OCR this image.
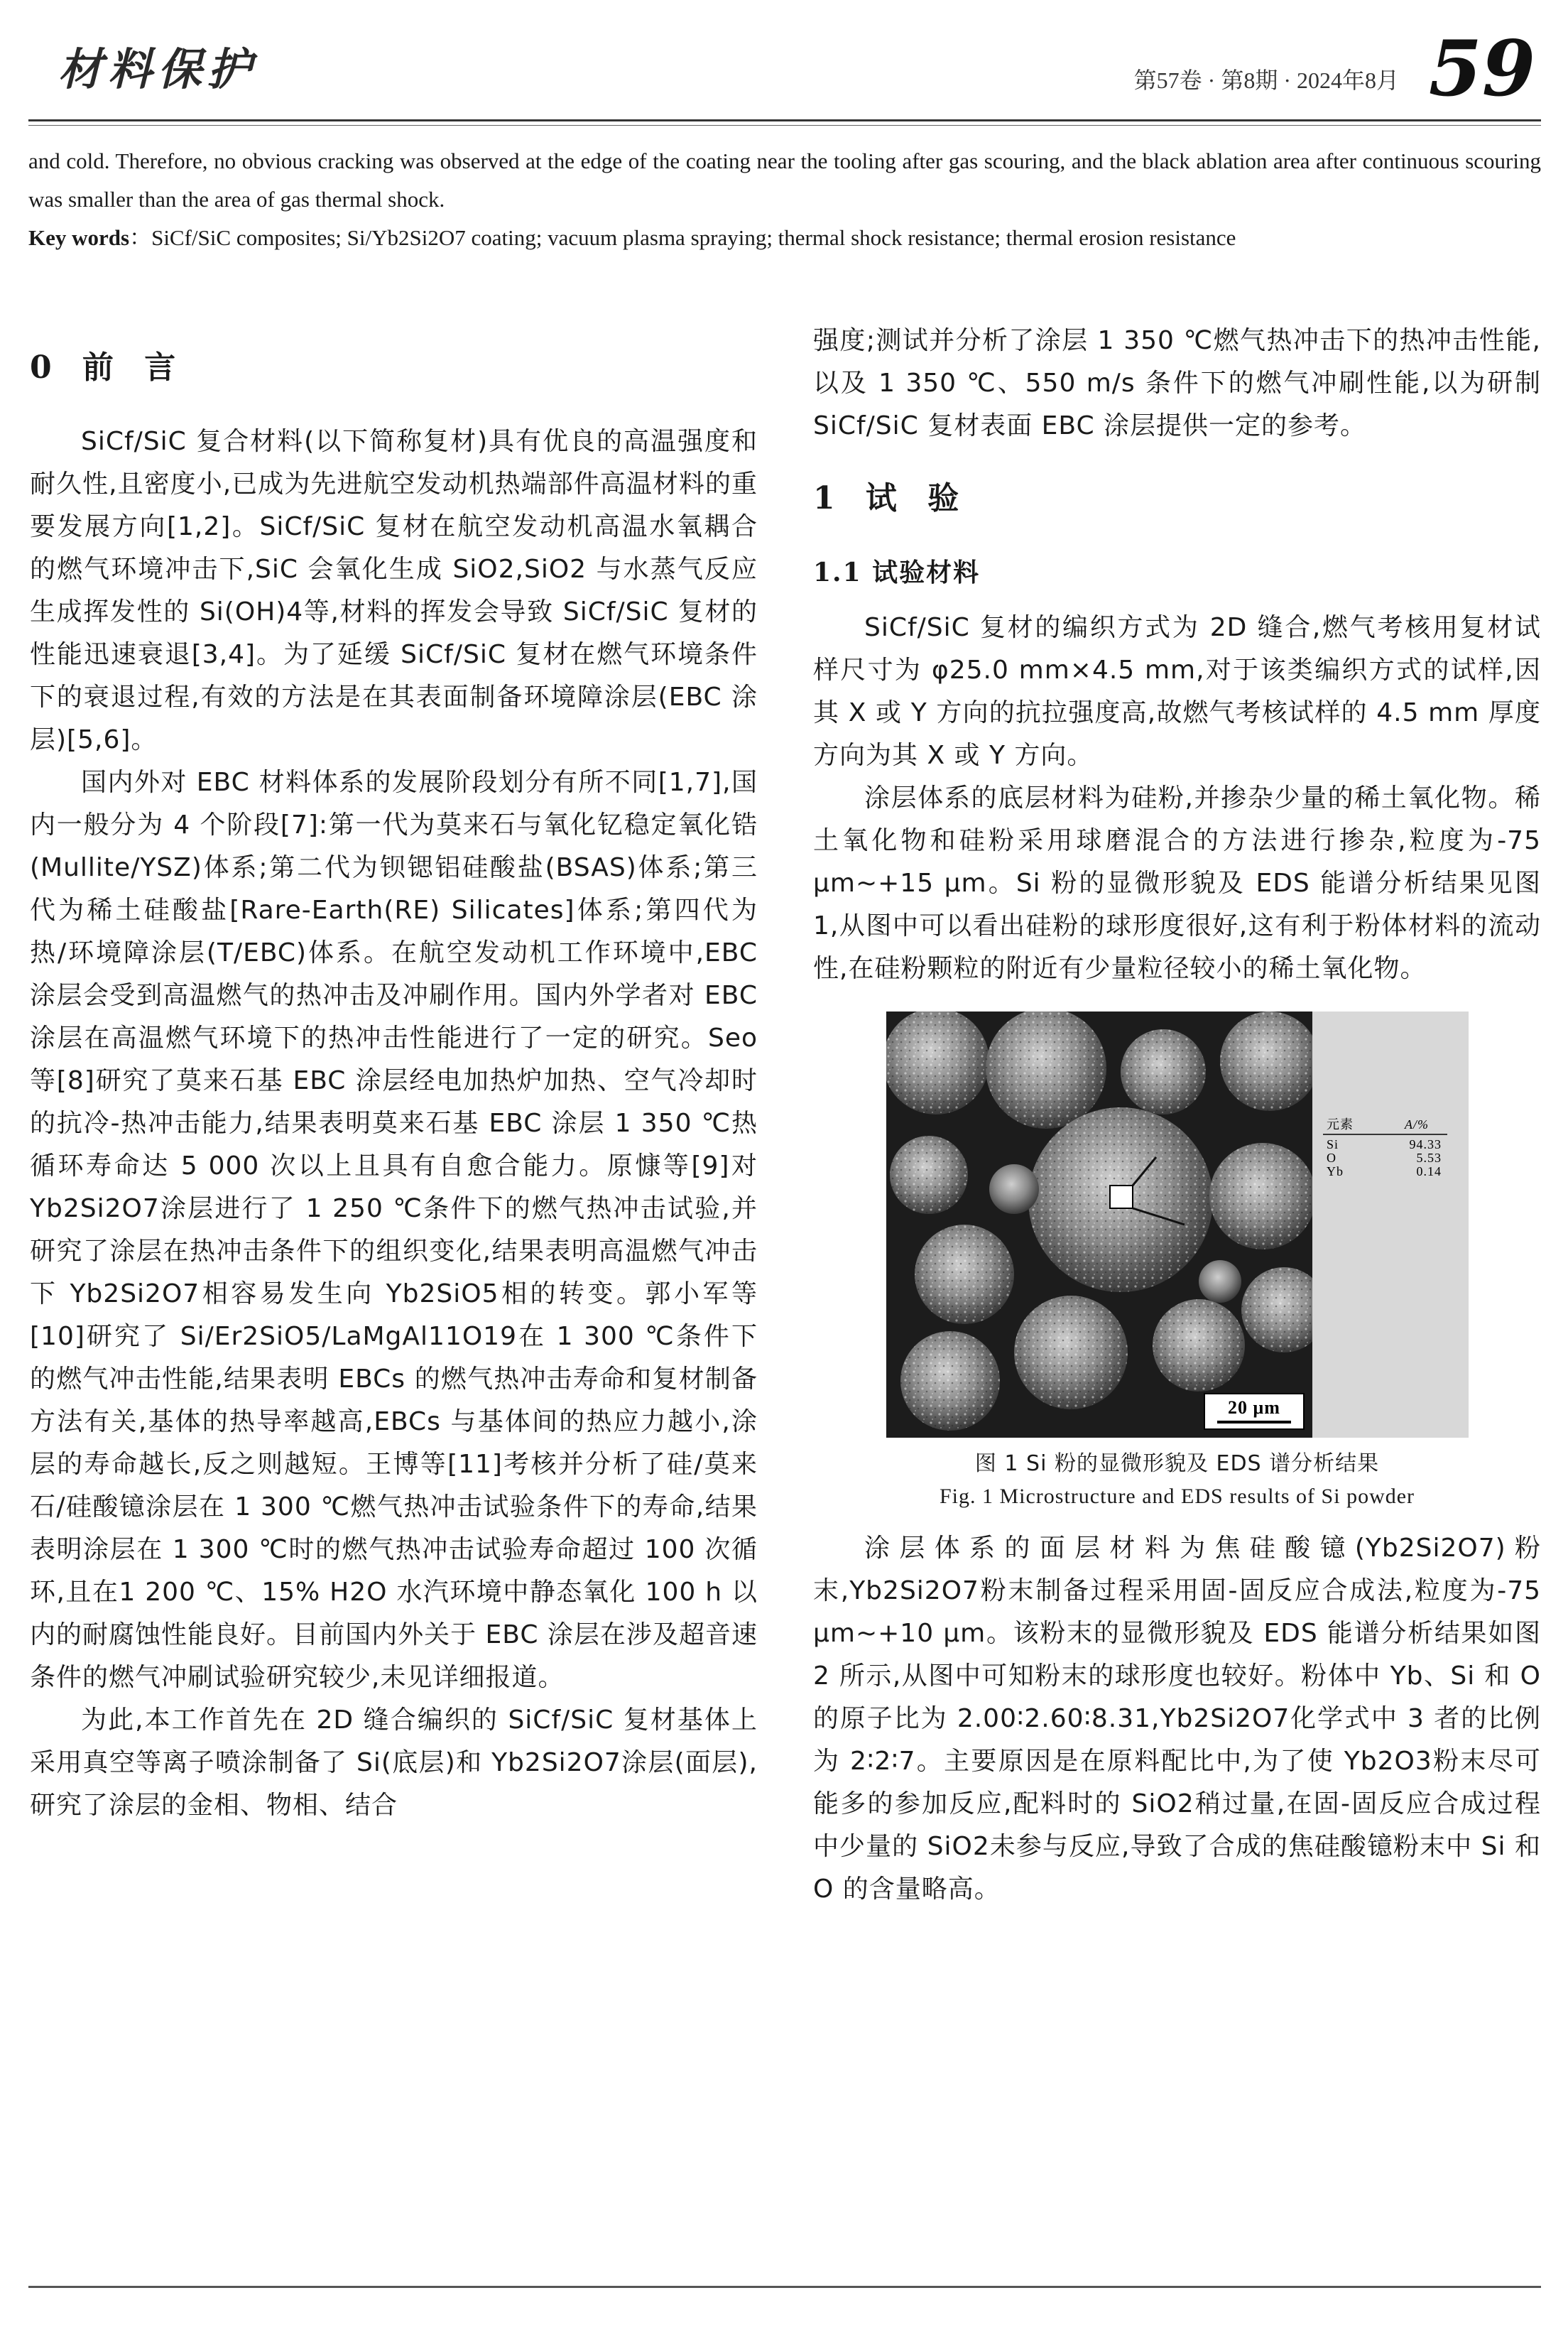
材料保护	第57卷 · 第8期 · 2024年8月 59

and cold. Therefore, no obvious cracking was observed at the edge of the coating near the tooling after gas scouring, and the black ablation area after continuous scouring was smaller than the area of gas thermal shock.

Key words：SiCf/SiC composites; Si/Yb2Si2O7 coating; vacuum plasma spraying; thermal shock resistance; thermal erosion resistance

0 前 言

SiCf/SiC 复合材料(以下简称复材)具有优良的高温强度和耐久性,且密度小,已成为先进航空发动机热端部件高温材料的重要发展方向[1,2]。SiCf/SiC 复材在航空发动机高温水氧耦合的燃气环境冲击下,SiC 会氧化生成 SiO2,SiO2 与水蒸气反应生成挥发性的 Si(OH)4等,材料的挥发会导致 SiCf/SiC 复材的性能迅速衰退[3,4]。为了延缓 SiCf/SiC 复材在燃气环境条件下的衰退过程,有效的方法是在其表面制备环境障涂层(EBC 涂层)[5,6]。

国内外对 EBC 材料体系的发展阶段划分有所不同[1,7],国内一般分为 4 个阶段[7]:第一代为莫来石与氧化钇稳定氧化锆(Mullite/YSZ)体系;第二代为钡锶铝硅酸盐(BSAS)体系;第三代为稀土硅酸盐[Rare-Earth(RE) Silicates]体系;第四代为热/环境障涂层(T/EBC)体系。在航空发动机工作环境中,EBC 涂层会受到高温燃气的热冲击及冲刷作用。国内外学者对 EBC 涂层在高温燃气环境下的热冲击性能进行了一定的研究。Seo 等[8]研究了莫来石基 EBC 涂层经电加热炉加热、空气冷却时的抗冷-热冲击能力,结果表明莫来石基 EBC 涂层 1 350 ℃热循环寿命达 5 000 次以上且具有自愈合能力。原慷等[9]对 Yb2Si2O7涂层进行了 1 250 ℃条件下的燃气热冲击试验,并研究了涂层在热冲击条件下的组织变化,结果表明高温燃气冲击下 Yb2Si2O7相容易发生向 Yb2SiO5相的转变。郭小军等[10]研究了 Si/Er2SiO5/LaMgAl11O19在 1 300 ℃条件下的燃气冲击性能,结果表明 EBCs 的燃气热冲击寿命和复材制备方法有关,基体的热导率越高,EBCs 与基体间的热应力越小,涂层的寿命越长,反之则越短。王博等[11]考核并分析了硅/莫来石/硅酸镱涂层在 1 300 ℃燃气热冲击试验条件下的寿命,结果表明涂层在 1 300 ℃时的燃气热冲击试验寿命超过 100 次循环,且在1 200 ℃、15% H2O 水汽环境中静态氧化 100 h 以内的耐腐蚀性能良好。目前国内外关于 EBC 涂层在涉及超音速条件的燃气冲刷试验研究较少,未见详细报道。

为此,本工作首先在 2D 缝合编织的 SiCf/SiC 复材基体上采用真空等离子喷涂制备了 Si(底层)和 Yb2Si2O7涂层(面层),研究了涂层的金相、物相、结合

强度;测试并分析了涂层 1 350 ℃燃气热冲击下的热冲击性能,以及 1 350 ℃、550 m/s 条件下的燃气冲刷性能,以为研制 SiCf/SiC 复材表面 EBC 涂层提供一定的参考。

1 试 验
1.1 试验材料

SiCf/SiC 复材的编织方式为 2D 缝合,燃气考核用复材试样尺寸为 φ25.0 mm×4.5 mm,对于该类编织方式的试样,因其 X 或 Y 方向的抗拉强度高,故燃气考核试样的 4.5 mm 厚度方向为其 X 或 Y 方向。

涂层体系的底层材料为硅粉,并掺杂少量的稀土氧化物。稀土氧化物和硅粉采用球磨混合的方法进行掺杂,粒度为-75 μm~+15 μm。Si 粉的显微形貌及 EDS 能谱分析结果见图 1,从图中可以看出硅粉的球形度很好,这有利于粉体材料的流动性,在硅粉颗粒的附近有少量粒径较小的稀土氧化物。

20 μm
元素	A/%
Si	94.33
O	5.53
Yb	0.14
图 1 Si 粉的显微形貌及 EDS 谱分析结果
Fig. 1 Microstructure and EDS results of Si powder

涂层体系的面层材料为焦硅酸镱(Yb2Si2O7)粉末,Yb2Si2O7粉末制备过程采用固-固反应合成法,粒度为-75 μm~+10 μm。该粉末的显微形貌及 EDS 能谱分析结果如图 2 所示,从图中可知粉末的球形度也较好。粉体中 Yb、Si 和 O 的原子比为 2.00∶2.60∶8.31,Yb2Si2O7化学式中 3 者的比例为 2∶2∶7。主要原因是在原料配比中,为了使 Yb2O3粉末尽可能多的参加反应,配料时的 SiO2稍过量,在固-固反应合成过程中少量的 SiO2未参与反应,导致了合成的焦硅酸镱粉末中 Si 和 O 的含量略高。
